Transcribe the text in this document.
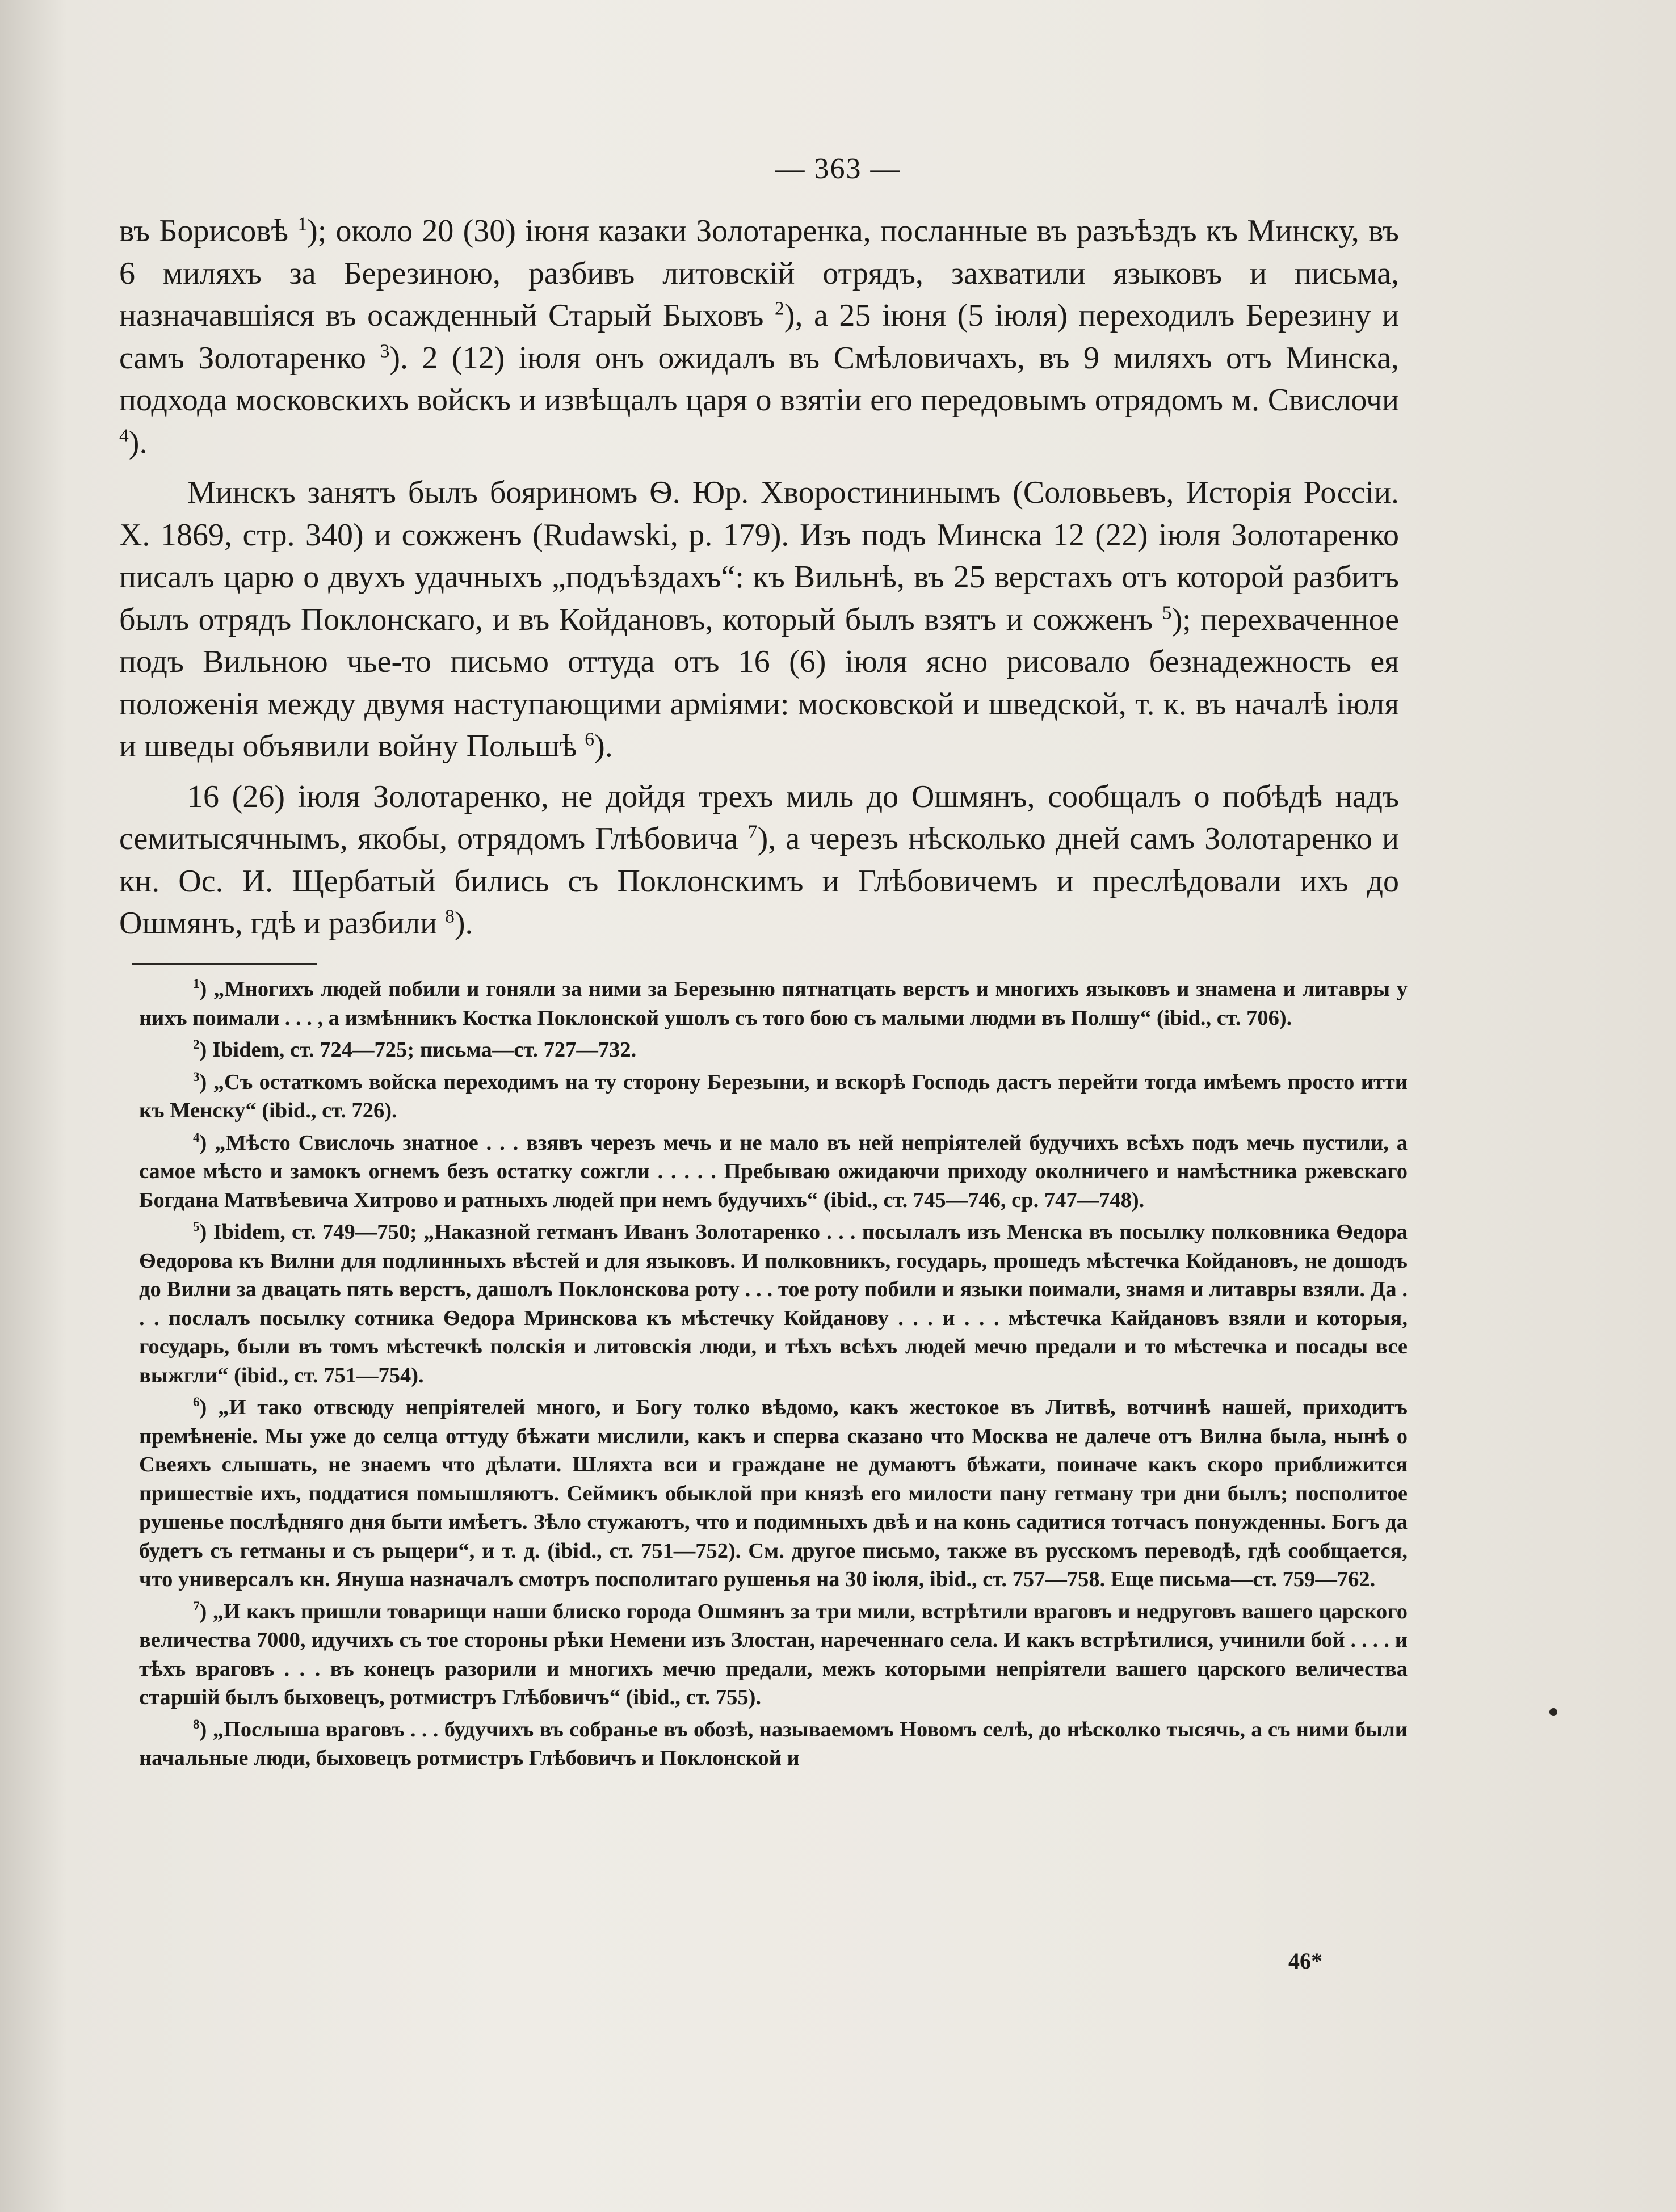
— 363 —

въ Борисовѣ $^1$); около 20 (30) іюня казаки Золотаренка, посланные въ разъѣздъ къ Минску, въ 6 миляхъ за Березиною, разбивъ литовскій отрядъ, захватили языковъ и письма, назначавшіяся въ осажденный Старый Быховъ $^2$), а 25 іюня (5 іюля) переходилъ Березину и самъ Золотаренко $^3$). 2 (12) іюля онъ ожидалъ въ Смѣловичахъ, въ 9 миляхъ отъ Минска, подхода московскихъ войскъ и извѣщалъ царя о взятіи его передовымъ отрядомъ м. Свислочи $^4$).

Минскъ занятъ былъ бояриномъ Ѳ. Юр. Хворостининымъ (Соловьевъ, Исторія Россіи. X. 1869, стр. 340) и сожженъ (Rudawski, р. 179). Изъ подъ Минска 12 (22) іюля Золотаренко писалъ царю о двухъ удачныхъ „подъѣздахъ“: къ Вильнѣ, въ 25 верстахъ отъ которой разбитъ былъ отрядъ Поклонскаго, и въ Койдановъ, который былъ взятъ и сожженъ $^5$); перехваченное подъ Вильною чье-то письмо оттуда отъ 16 (6) іюля ясно рисовало безнадежность ея положенія между двумя наступающими арміями: московской и шведской, т. к. въ началѣ іюля и шведы объявили войну Польшѣ $^6$).

16 (26) іюля Золотаренко, не дойдя трехъ миль до Ошмянъ, сообщалъ о побѣдѣ надъ семитысячнымъ, якобы, отрядомъ Глѣбовича $^7$), а черезъ нѣсколько дней самъ Золотаренко и кн. Ос. И. Щербатый бились съ Поклонскимъ и Глѣбовичемъ и преслѣдовали ихъ до Ошмянъ, гдѣ и разбили $^8$).

$^1$) „Многихъ людей побили и гоняли за ними за Березыню пятнатцать верстъ и многихъ языковъ и знамена и литавры у нихъ поимали . . . , а измѣнникъ Костка Поклонской ушолъ съ того бою съ малыми людми въ Полшу“ (ibid., ст. 706).

$^2$) Ibidem, ст. 724—725; письма—ст. 727—732.

$^3$) „Съ остаткомъ войска переходимъ на ту сторону Березыни, и вскорѣ Господь дастъ перейти тогда имѣемъ просто итти къ Менску“ (ibid., ст. 726).

$^4$) „Мѣсто Свислочь знатное . . . взявъ черезъ мечь и не мало въ ней непріятелей будучихъ всѣхъ подъ мечь пустили, а самое мѣсто и замокъ огнемъ безъ остатку сожгли . . . . . Пребываю ожидаючи приходу околничего и намѣстника ржевскаго Богдана Матвѣевича Хитрово и ратныхъ людей при немъ будучихъ“ (ibid., ст. 745—746, ср. 747—748).

$^5$) Ibidem, ст. 749—750; „Наказной гетманъ Иванъ Золотаренко . . . посылалъ изъ Менска въ посылку полковника Ѳедора Ѳедорова къ Вилни для подлинныхъ вѣстей и для языковъ. И полковникъ, государь, прошедъ мѣстечка Койдановъ, не дошодъ до Вилни за двацать пять верстъ, дашолъ Поклонскова роту . . . тое роту побили и языки поимали, знамя и литавры взяли. Да . . . послалъ посылку сотника Ѳедора Мринскова къ мѣстечку Койданову . . . и . . . мѣстечка Кайдановъ взяли и которыя, государь, были въ томъ мѣстечкѣ полскія и литовскія люди, и тѣхъ всѣхъ людей мечю предали и то мѣстечка и посады все выжгли“ (ibid., ст. 751—754).

$^6$) „И тако отвсюду непріятелей много, и Богу толко вѣдомо, какъ жестокое въ Литвѣ, вотчинѣ нашей, приходитъ премѣненіе. Мы уже до селца оттуду бѣжати мислили, какъ и сперва сказано что Москва не далече отъ Вилна была, нынѣ о Свеяхъ слышать, не знаемъ что дѣлати. Шляхта вси и граждане не думаютъ бѣжати, поиначе какъ скоро приближится пришествіе ихъ, поддатися помышляютъ. Сеймикъ обыклой при князѣ его милости пану гетману три дни былъ; посполитое рушенье послѣдняго дня быти имѣетъ. Зѣло стужаютъ, что и подимныхъ двѣ и на конь садитися тотчасъ понужденны. Богъ да будетъ съ гетманы и съ рыцери“, и т. д. (ibid., ст. 751—752). См. другое письмо, также въ русскомъ переводѣ, гдѣ сообщается, что универсалъ кн. Януша назначалъ смотръ посполитаго рушенья на 30 іюля, ibid., ст. 757—758. Еще письма—ст. 759—762.

$^7$) „И какъ пришли товарищи наши блиско города Ошмянъ за три мили, встрѣтили враговъ и недруговъ вашего царского величества 7000, идучихъ съ тое стороны рѣки Немени изъ Злостан, нареченнаго села. И какъ встрѣтилися, учинили бой . . . . и тѣхъ враговъ . . . въ конецъ разорили и многихъ мечю предали, межъ которыми непріятели вашего царского величества старшій былъ быховецъ, ротмистръ Глѣбовичъ“ (ibid., ст. 755).

$^8$) „Послыша враговъ . . . будучихъ въ собранье въ обозѣ, называемомъ Новомъ селѣ, до нѣсколко тысячь, а съ ними были начальные люди, быховецъ ротмистръ Глѣбовичъ и Поклонской и

46*
